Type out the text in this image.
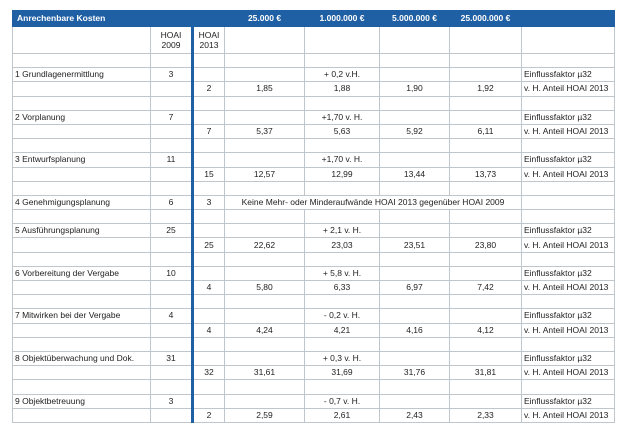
Anrechenbare Kosten			25.000 €	1.000.000 €	5.000.000 €	25.000.000 €	
	HOAI 2009	HOAI 2013					

1 Grundlagenermittlung	3			+ 0,2 v.H.			Einflussfaktor µ32
		2	1,85	1,88	1,90	1,92	v. H. Anteil HOAI 2013

2 Vorplanung	7			+1,70 v. H.			Einflussfaktor µ32
		7	5,37	5,63	5,92	6,11	v. H. Anteil HOAI 2013

3 Entwurfsplanung	11			+1,70 v. H.			Einflussfaktor µ32
		15	12,57	12,99	13,44	13,73	v. H. Anteil HOAI 2013

4 Genehmigungsplanung	6	3	Keine Mehr- oder Minderaufwände HOAI 2013 gegenüber HOAI 2009				

5 Ausführungsplanung	25			+ 2,1 v. H.			Einflussfaktor µ32
		25	22,62	23,03	23,51	23,80	v. H. Anteil HOAI 2013

6 Vorbereitung der Vergabe	10			+ 5,8 v. H.			Einflussfaktor µ32
		4	5,80	6,33	6,97	7,42	v. H. Anteil HOAI 2013

7 Mitwirken bei der Vergabe	4			- 0,2 v. H.			Einflussfaktor µ32
		4	4,24	4,21	4,16	4,12	v. H. Anteil HOAI 2013

8 Objektüberwachung und Dok.	31			+ 0,3 v. H.			Einflussfaktor µ32
		32	31,61	31,69	31,76	31,81	v. H. Anteil HOAI 2013

9 Objektbetreuung	3			- 0,7 v. H.			Einflussfaktor µ32
		2	2,59	2,61	2,43	2,33	v. H. Anteil HOAI 2013
